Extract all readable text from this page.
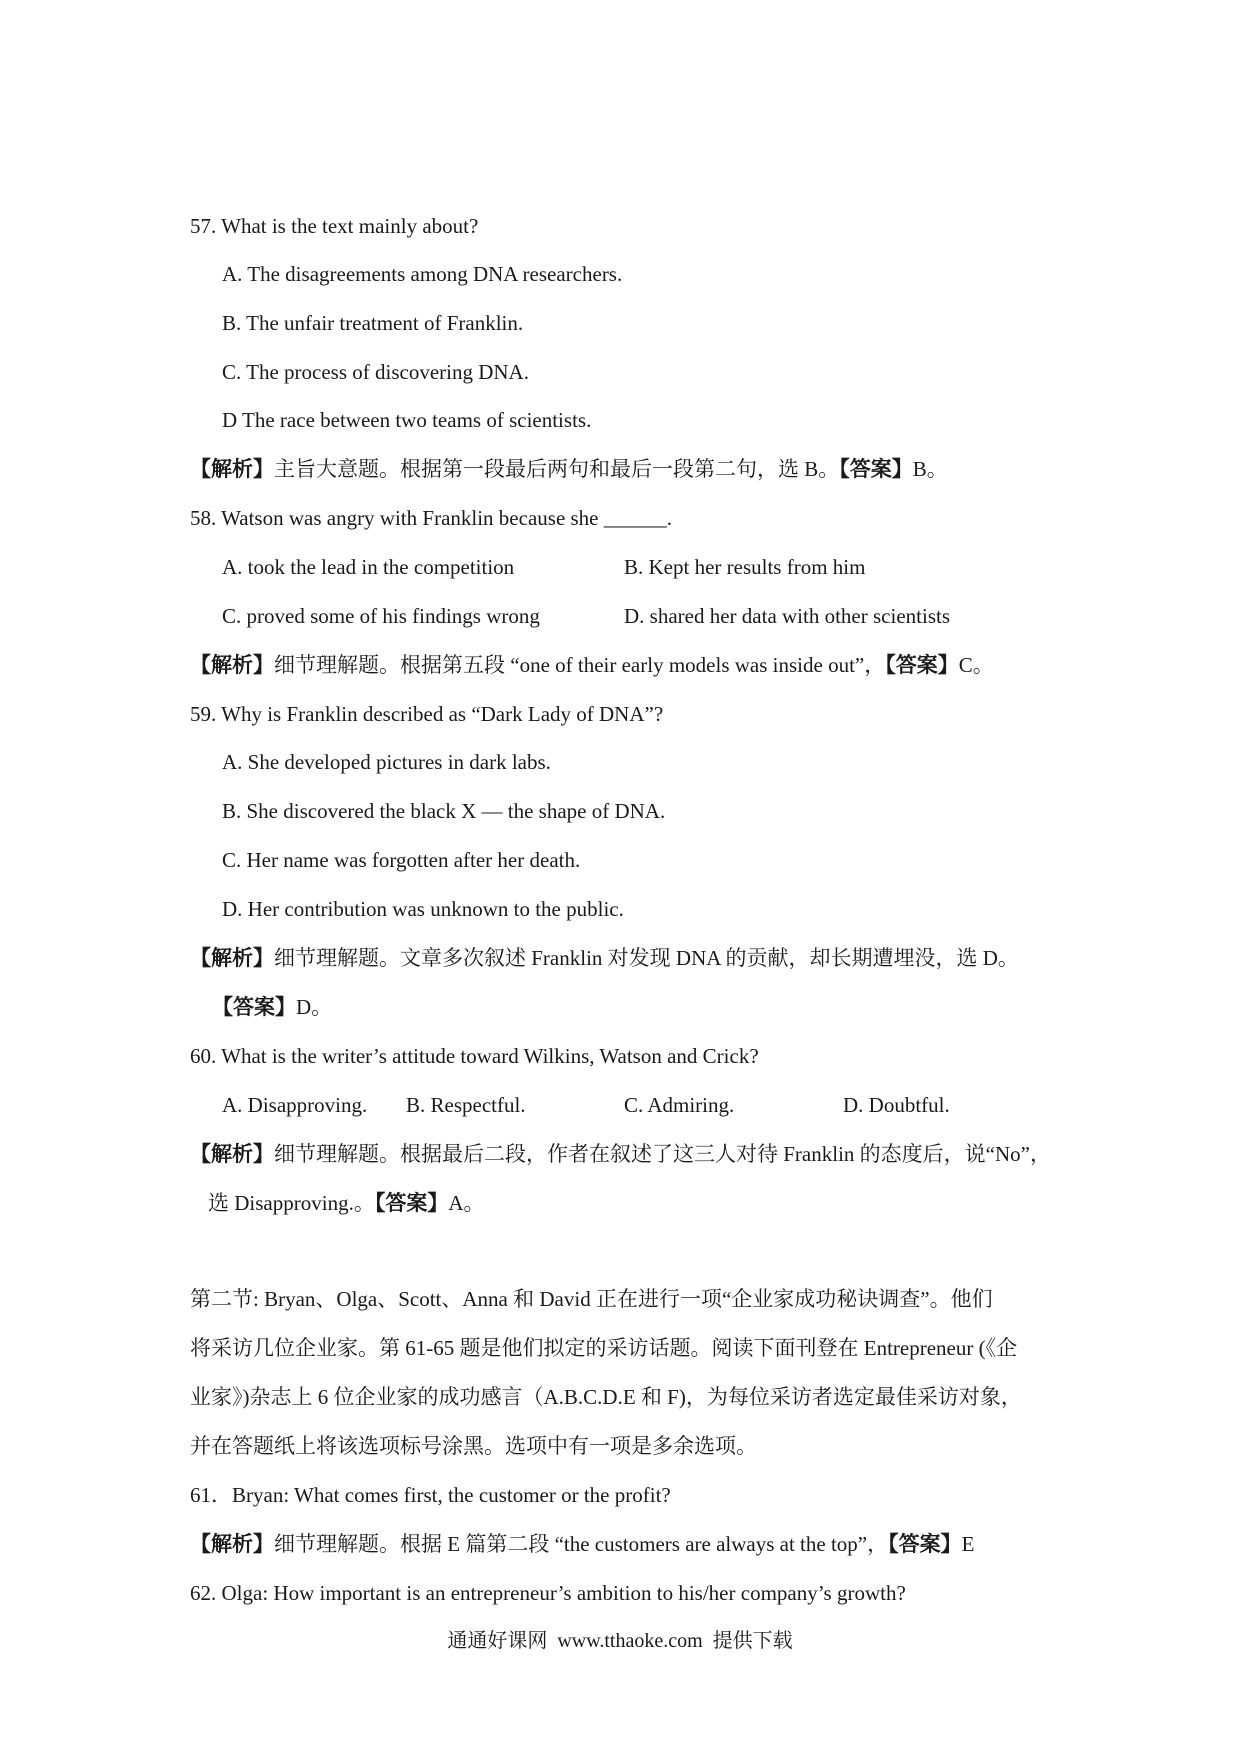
57. What is the text mainly about?
A. The disagreements among DNA researchers.
B. The unfair treatment of Franklin.
C. The process of discovering DNA.
D The race between two teams of scientists.
【解析】主旨大意题。根据第一段最后两句和最后一段第二句，选 B。【答案】B。
58. Watson was angry with Franklin because she ______.
A. took the lead in the competition	B. Kept her results from him
C. proved some of his findings wrong	D. shared her data with other scientists
【解析】细节理解题。根据第五段 “one of their early models was inside out”，【答案】C。
59. Why is Franklin described as “Dark Lady of DNA”?
A. She developed pictures in dark labs.
B. She discovered the black X — the shape of DNA.
C. Her name was forgotten after her death.
D. Her contribution was unknown to the public.
【解析】细节理解题。文章多次叙述 Franklin 对发现 DNA 的贡献，却长期遭埋没，选 D。
【答案】D。
60. What is the writer’s attitude toward Wilkins, Watson and Crick?
A. Disapproving. B. Respectful.	C. Admiring.	D. Doubtful.
【解析】细节理解题。根据最后二段，作者在叙述了这三人对待 Franklin 的态度后，说“No”，
选 Disapproving.。【答案】A。
第二节: Bryan、Olga、Scott、Anna 和 David 正在进行一项“企业家成功秘诀调查”。他们
将采访几位企业家。第 61-65 题是他们拟定的采访话题。阅读下面刊登在 Entrepreneur (《企
业家》)杂志上 6 位企业家的成功感言（A.B.C.D.E 和 F)，为每位采访者选定最佳采访对象，
并在答题纸上将该选项标号涂黑。选项中有一项是多余选项。
61．Bryan: What comes first, the customer or the profit?
【解析】细节理解题。根据 E 篇第二段 “the customers are always at the top”，【答案】E
62. Olga: How important is an entrepreneur’s ambition to his/her company’s growth?
通通好课网  www.tthaoke.com  提供下载
